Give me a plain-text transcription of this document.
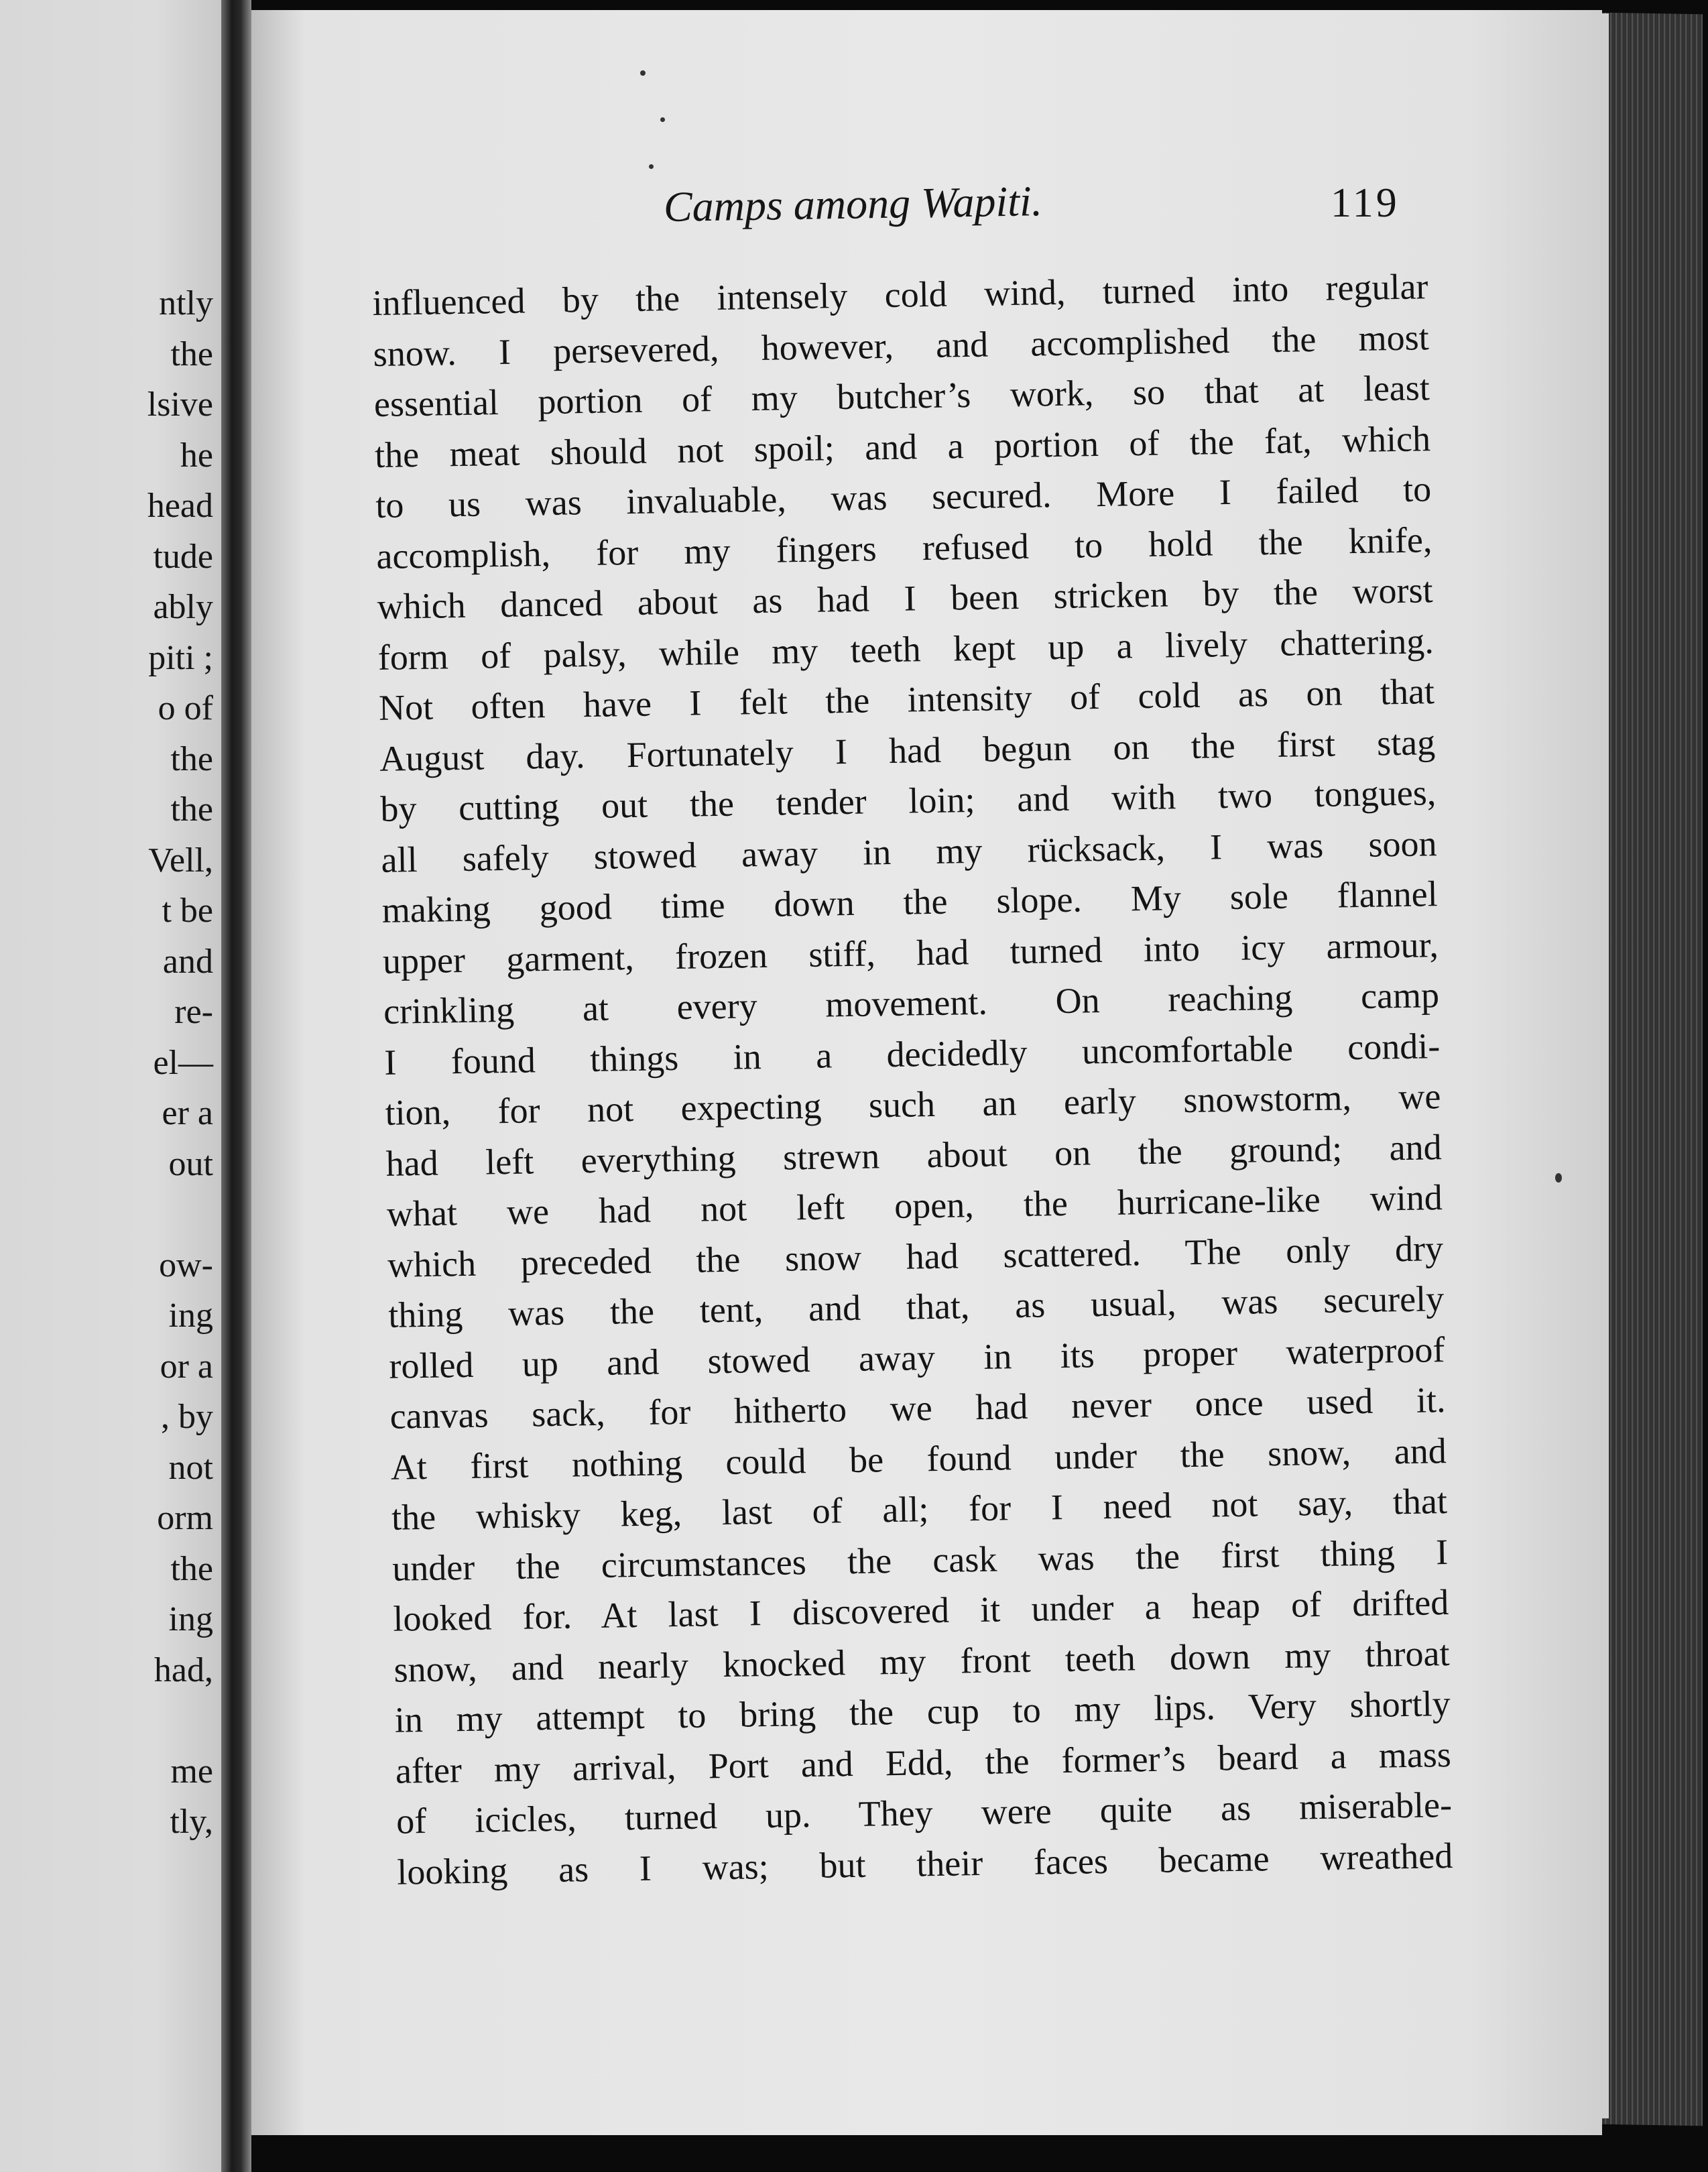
ntly
the
lsive
he
head
tude
ably
piti ;
o of
the
the
Vell,
t be
and
re-
el—
er a
out
ow-
ing
or a
, by
not
orm
the
ing
had,
me
tly,
Camps among Wapiti.	119
influenced by the intensely cold wind, turned into regular
snow. I persevered, however, and accomplished the most
essential portion of my butcher’s work, so that at least
the meat should not spoil; and a portion of the fat, which
to us was invaluable, was secured. More I failed to
accomplish, for my fingers refused to hold the knife,
which danced about as had I been stricken by the worst
form of palsy, while my teeth kept up a lively chattering.
Not often have I felt the intensity of cold as on that
August day. Fortunately I had begun on the first stag
by cutting out the tender loin; and with two tongues,
all safely stowed away in my rücksack, I was soon
making good time down the slope. My sole flannel
upper garment, frozen stiff, had turned into icy armour,
crinkling at every movement. On reaching camp
I found things in a decidedly uncomfortable condi-
tion, for not expecting such an early snowstorm, we
had left everything strewn about on the ground; and
what we had not left open, the hurricane-like wind
which preceded the snow had scattered. The only dry
thing was the tent, and that, as usual, was securely
rolled up and stowed away in its proper waterproof
canvas sack, for hitherto we had never once used it.
At first nothing could be found under the snow, and
the whisky keg, last of all; for I need not say, that
under the circumstances the cask was the first thing I
looked for. At last I discovered it under a heap of drifted
snow, and nearly knocked my front teeth down my throat
in my attempt to bring the cup to my lips. Very shortly
after my arrival, Port and Edd, the former’s beard a mass
of icicles, turned up. They were quite as miserable-
looking as I was; but their faces became wreathed
